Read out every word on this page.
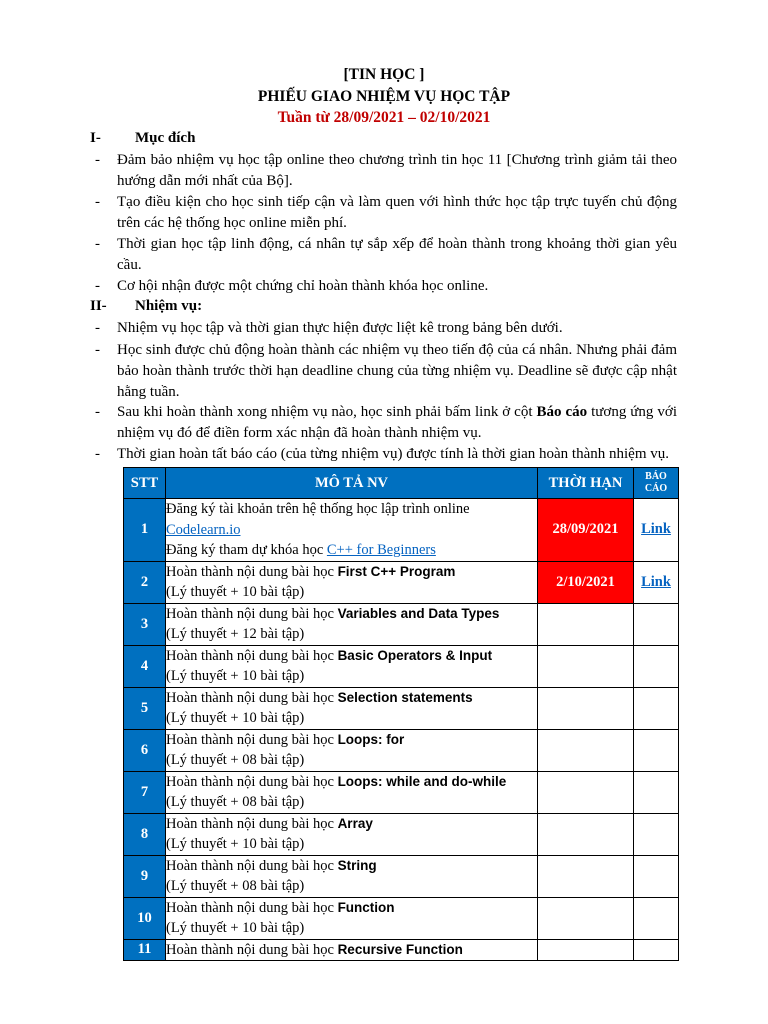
[TIN HỌC ]
PHIẾU GIAO NHIỆM VỤ HỌC TẬP
Tuần từ 28/09/2021 – 02/10/2021
I- Mục đích
- Đảm bảo nhiệm vụ học tập online theo chương trình tin học 11 [Chương trình giảm tải theo hướng dẫn mới nhất của Bộ].
- Tạo điều kiện cho học sinh tiếp cận và làm quen với hình thức học tập trực tuyến chủ động trên các hệ thống học online miễn phí.
- Thời gian học tập linh động, cá nhân tự sắp xếp để hoàn thành trong khoảng thời gian yêu cầu.
- Cơ hội nhận được một chứng chỉ hoàn thành khóa học online.
II- Nhiệm vụ:
- Nhiệm vụ học tập và thời gian thực hiện được liệt kê trong bảng bên dưới.
- Học sinh được chủ động hoàn thành các nhiệm vụ theo tiến độ của cá nhân. Nhưng phải đảm bảo hoàn thành trước thời hạn deadline chung của từng nhiệm vụ. Deadline sẽ được cập nhật hằng tuần.
- Sau khi hoàn thành xong nhiệm vụ nào, học sinh phải bấm link ở cột Báo cáo tương ứng với nhiệm vụ đó để điền form xác nhận đã hoàn thành nhiệm vụ.
- Thời gian hoàn tất báo cáo (của từng nhiệm vụ) được tính là thời gian hoàn thành nhiệm vụ.
STT	MÔ TẢ NV	THỜI HẠN	BÁO
CÁO
1	Đăng ký tài khoản trên hệ thống học lập trình online
Codelearn.io
Đăng ký tham dự khóa học C++ for Beginners	28/09/2021	Link
2	Hoàn thành nội dung bài học First C++ Program
(Lý thuyết + 10 bài tập)	2/10/2021	Link
3	Hoàn thành nội dung bài học Variables and Data Types
(Lý thuyết + 12 bài tập)		
4	Hoàn thành nội dung bài học Basic Operators & Input
(Lý thuyết + 10 bài tập)		
5	Hoàn thành nội dung bài học Selection statements
(Lý thuyết + 10 bài tập)		
6	Hoàn thành nội dung bài học Loops: for
(Lý thuyết + 08 bài tập)		
7	Hoàn thành nội dung bài học Loops: while and do-while
(Lý thuyết + 08 bài tập)		
8	Hoàn thành nội dung bài học Array
(Lý thuyết + 10 bài tập)		
9	Hoàn thành nội dung bài học String
(Lý thuyết + 08 bài tập)		
10	Hoàn thành nội dung bài học Function
(Lý thuyết + 10 bài tập)		
11	Hoàn thành nội dung bài học Recursive Function		
